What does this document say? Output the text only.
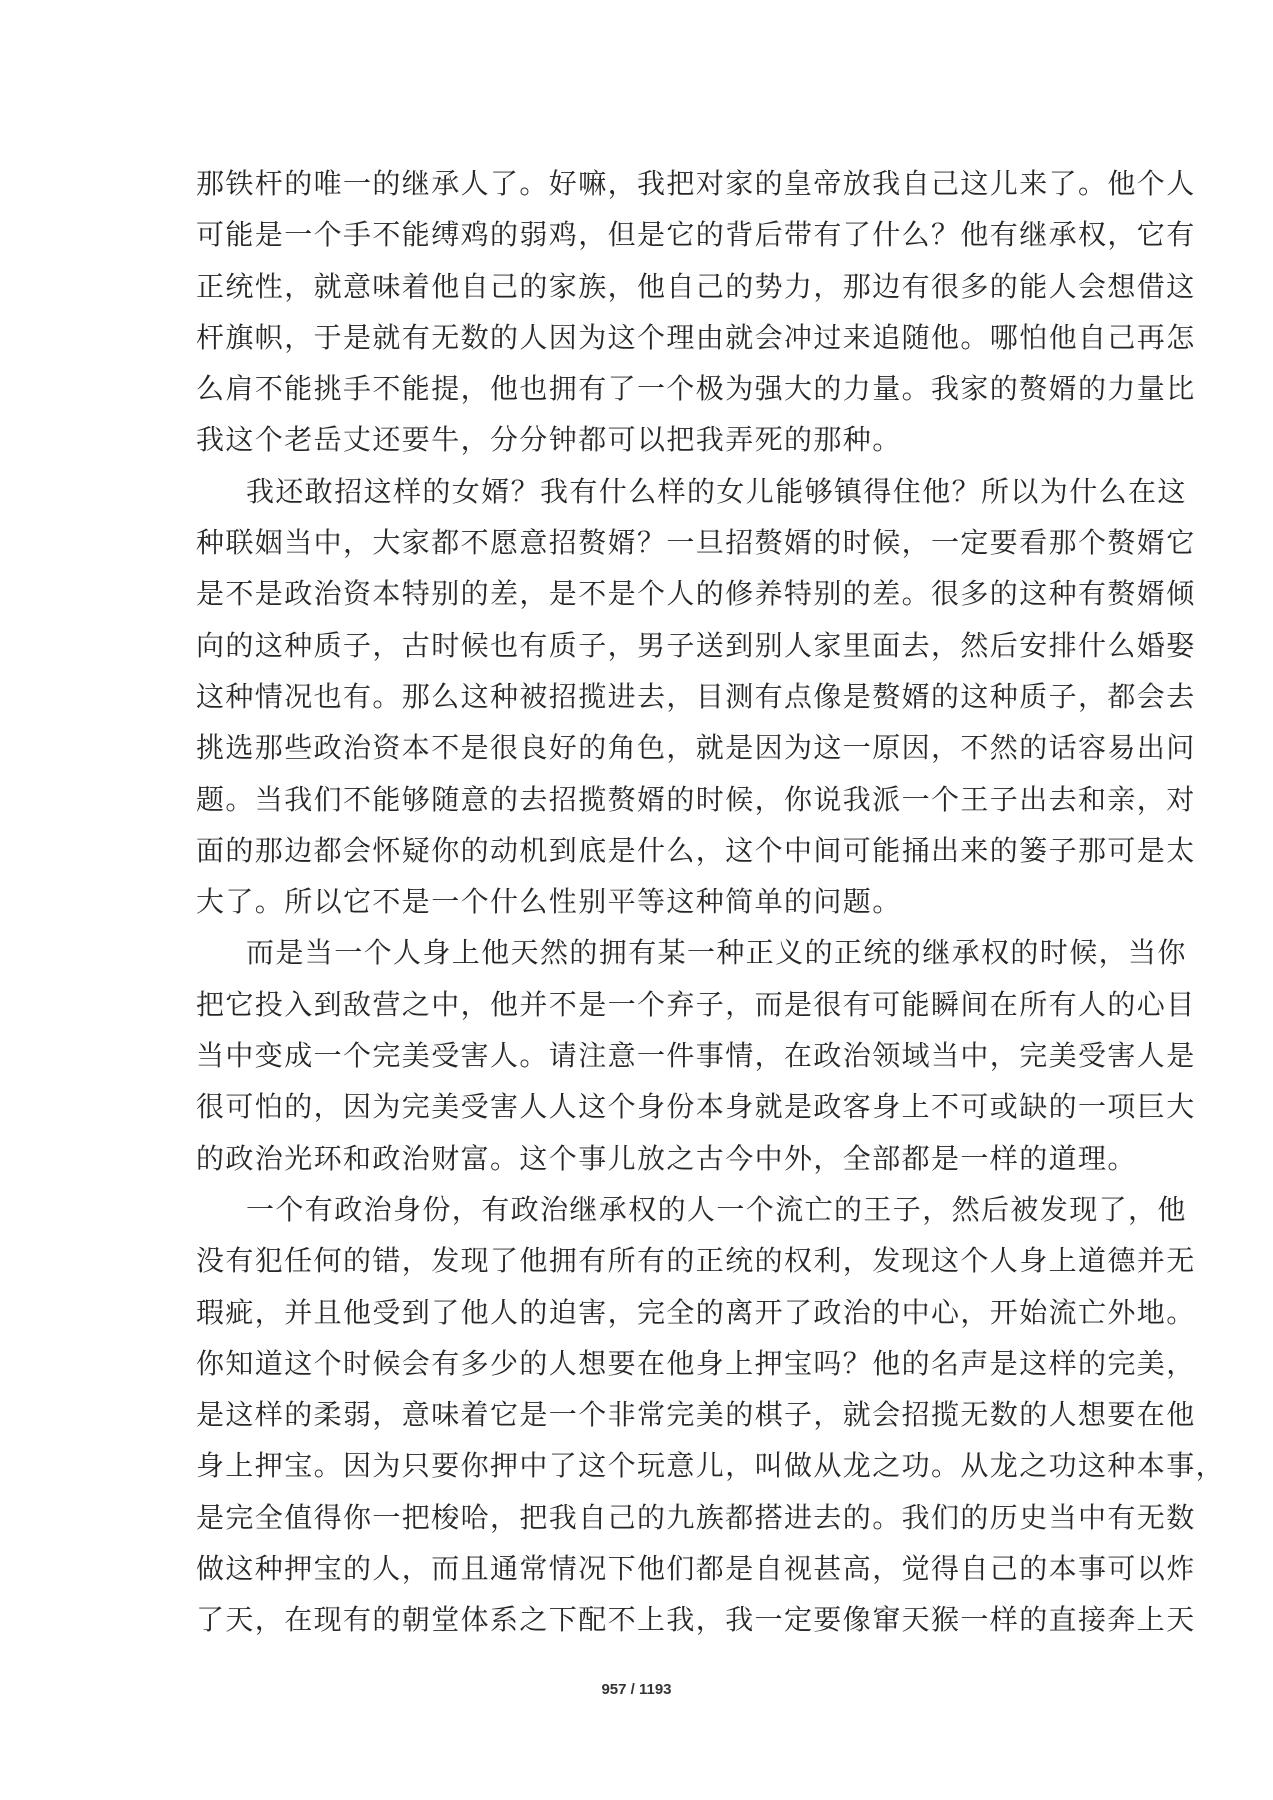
那铁杆的唯一的继承人了。好嘛，我把对家的皇帝放我自己这儿来了。他个人
可能是一个手不能缚鸡的弱鸡，但是它的背后带有了什么？他有继承权，它有
正统性，就意味着他自己的家族，他自己的势力，那边有很多的能人会想借这
杆旗帜，于是就有无数的人因为这个理由就会冲过来追随他。哪怕他自己再怎
么肩不能挑手不能提，他也拥有了一个极为强大的力量。我家的赘婿的力量比
我这个老岳丈还要牛，分分钟都可以把我弄死的那种。
我还敢招这样的女婿？我有什么样的女儿能够镇得住他？所以为什么在这
种联姻当中，大家都不愿意招赘婿？一旦招赘婿的时候，一定要看那个赘婿它
是不是政治资本特别的差，是不是个人的修养特别的差。很多的这种有赘婿倾
向的这种质子，古时候也有质子，男子送到别人家里面去，然后安排什么婚娶
这种情况也有。那么这种被招揽进去，目测有点像是赘婿的这种质子，都会去
挑选那些政治资本不是很良好的角色，就是因为这一原因，不然的话容易出问
题。当我们不能够随意的去招揽赘婿的时候，你说我派一个王子出去和亲，对
面的那边都会怀疑你的动机到底是什么，这个中间可能捅出来的篓子那可是太
大了。所以它不是一个什么性别平等这种简单的问题。
而是当一个人身上他天然的拥有某一种正义的正统的继承权的时候，当你
把它投入到敌营之中，他并不是一个弃子，而是很有可能瞬间在所有人的心目
当中变成一个完美受害人。请注意一件事情，在政治领域当中，完美受害人是
很可怕的，因为完美受害人人这个身份本身就是政客身上不可或缺的一项巨大
的政治光环和政治财富。这个事儿放之古今中外，全部都是一样的道理。
一个有政治身份，有政治继承权的人一个流亡的王子，然后被发现了，他
没有犯任何的错，发现了他拥有所有的正统的权利，发现这个人身上道德并无
瑕疵，并且他受到了他人的迫害，完全的离开了政治的中心，开始流亡外地。
你知道这个时候会有多少的人想要在他身上押宝吗？他的名声是这样的完美，
是这样的柔弱，意味着它是一个非常完美的棋子，就会招揽无数的人想要在他
身上押宝。因为只要你押中了这个玩意儿，叫做从龙之功。从龙之功这种本事，
是完全值得你一把梭哈，把我自己的九族都搭进去的。我们的历史当中有无数
做这种押宝的人，而且通常情况下他们都是自视甚高，觉得自己的本事可以炸
了天，在现有的朝堂体系之下配不上我，我一定要像窜天猴一样的直接奔上天
957 / 1193
